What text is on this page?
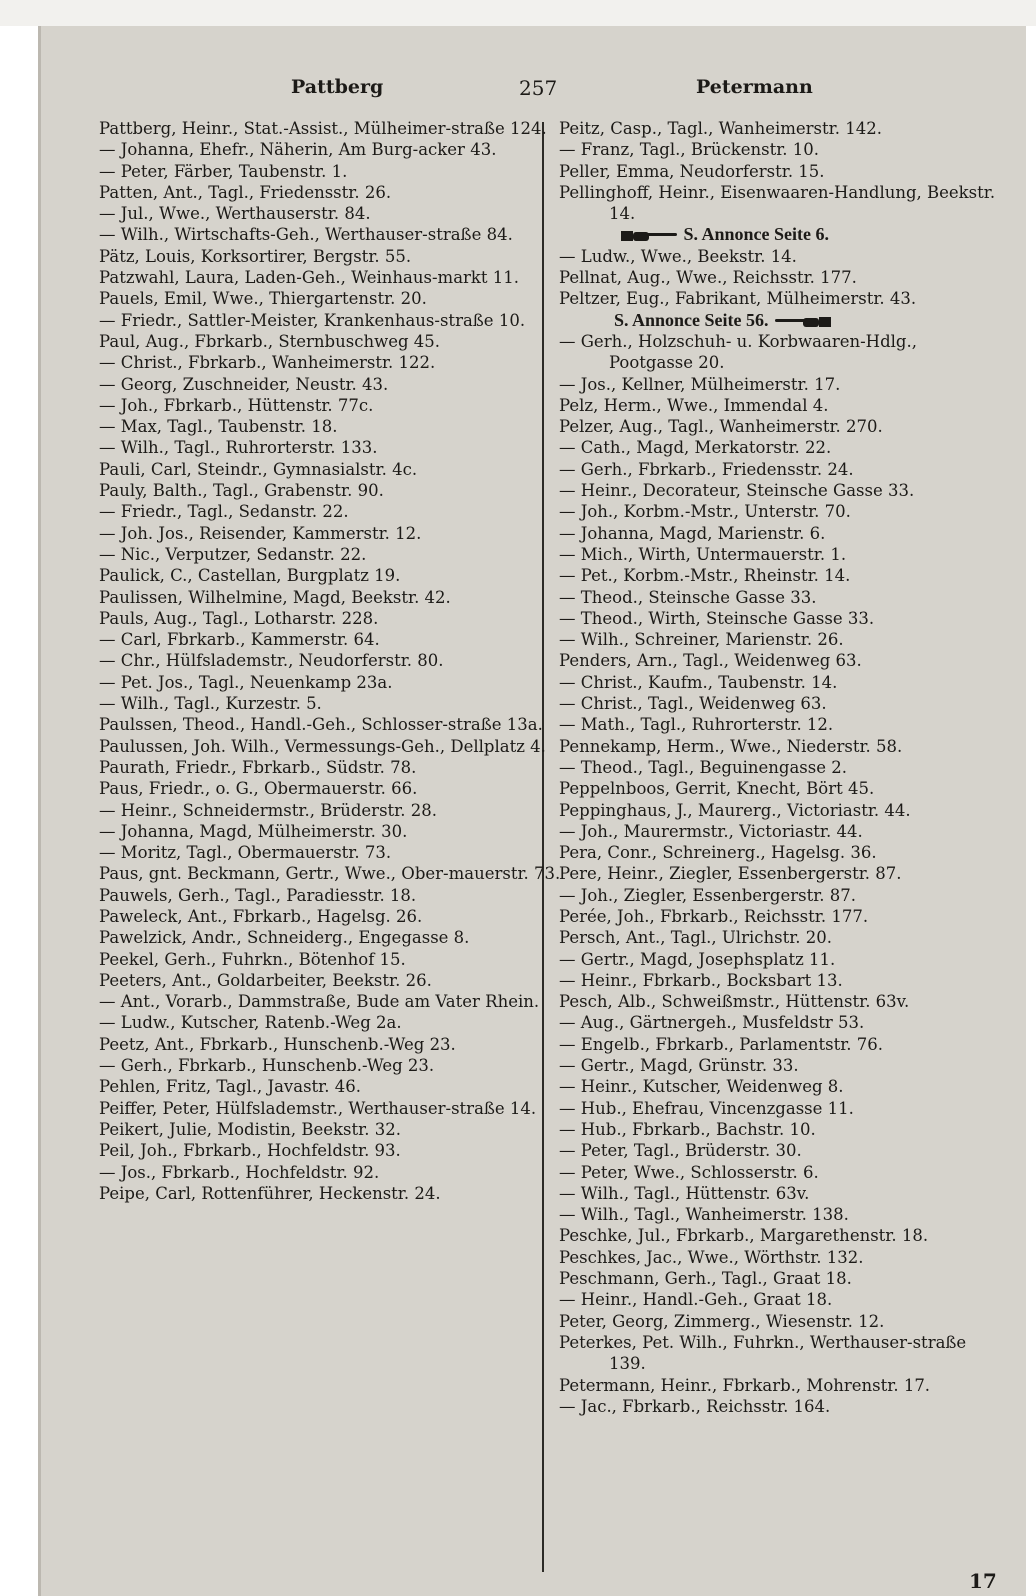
Pattberg	257	Petermann
Pattberg, Heinr., Stat.-Assist., Mülheimer-straße 124.
— Johanna, Ehefr., Näherin, Am Burg-acker 43.
— Peter, Färber, Taubenstr. 1.
Patten, Ant., Tagl., Friedensstr. 26.
— Jul., Wwe., Werthauserstr. 84.
— Wilh., Wirtschafts-Geh., Werthauser-straße 84.
Pätz, Louis, Korksortirer, Bergstr. 55.
Patzwahl, Laura, Laden-Geh., Weinhaus-markt 11.
Pauels, Emil, Wwe., Thiergartenstr. 20.
— Friedr., Sattler-Meister, Krankenhaus-straße 10.
Paul, Aug., Fbrkarb., Sternbuschweg 45.
— Christ., Fbrkarb., Wanheimerstr. 122.
— Georg, Zuschneider, Neustr. 43.
— Joh., Fbrkarb., Hüttenstr. 77c.
— Max, Tagl., Taubenstr. 18.
— Wilh., Tagl., Ruhrorterstr. 133.
Pauli, Carl, Steindr., Gymnasialstr. 4c.
Pauly, Balth., Tagl., Grabenstr. 90.
— Friedr., Tagl., Sedanstr. 22.
— Joh. Jos., Reisender, Kammerstr. 12.
— Nic., Verputzer, Sedanstr. 22.
Paulick, C., Castellan, Burgplatz 19.
Paulissen, Wilhelmine, Magd, Beekstr. 42.
Pauls, Aug., Tagl., Lotharstr. 228.
— Carl, Fbrkarb., Kammerstr. 64.
— Chr., Hülfslademstr., Neudorferstr. 80.
— Pet. Jos., Tagl., Neuenkamp 23a.
— Wilh., Tagl., Kurzestr. 5.
Paulssen, Theod., Handl.-Geh., Schlosser-straße 13a.
Paulussen, Joh. Wilh., Vermessungs-Geh., Dellplatz 4.
Paurath, Friedr., Fbrkarb., Südstr. 78.
Paus, Friedr., o. G., Obermauerstr. 66.
— Heinr., Schneidermstr., Brüderstr. 28.
— Johanna, Magd, Mülheimerstr. 30.
— Moritz, Tagl., Obermauerstr. 73.
Paus, gnt. Beckmann, Gertr., Wwe., Ober-mauerstr. 73.
Pauwels, Gerh., Tagl., Paradiesstr. 18.
Paweleck, Ant., Fbrkarb., Hagelsg. 26.
Pawelzick, Andr., Schneiderg., Engegasse 8.
Peekel, Gerh., Fuhrkn., Bötenhof 15.
Peeters, Ant., Goldarbeiter, Beekstr. 26.
— Ant., Vorarb., Dammstraße, Bude am Vater Rhein.
— Ludw., Kutscher, Ratenb.-Weg 2a.
Peetz, Ant., Fbrkarb., Hunschenb.-Weg 23.
— Gerh., Fbrkarb., Hunschenb.-Weg 23.
Pehlen, Fritz, Tagl., Javastr. 46.
Peiffer, Peter, Hülfslademstr., Werthauser-straße 14.
Peikert, Julie, Modistin, Beekstr. 32.
Peil, Joh., Fbrkarb., Hochfeldstr. 93.
— Jos., Fbrkarb., Hochfeldstr. 92.
Peipe, Carl, Rottenführer, Heckenstr. 24.
Peitz, Casp., Tagl., Wanheimerstr. 142.
— Franz, Tagl., Brückenstr. 10.
Peller, Emma, Neudorferstr. 15.
Pellinghoff, Heinr., Eisenwaaren-Handlung, Beekstr. 14.
S. Annonce Seite 6.
— Ludw., Wwe., Beekstr. 14.
Pellnat, Aug., Wwe., Reichsstr. 177.
Peltzer, Eug., Fabrikant, Mülheimerstr. 43.
S. Annonce Seite 56.
— Gerh., Holzschuh- u. Korbwaaren-Hdlg., Pootgasse 20.
— Jos., Kellner, Mülheimerstr. 17.
Pelz, Herm., Wwe., Immendal 4.
Pelzer, Aug., Tagl., Wanheimerstr. 270.
— Cath., Magd, Merkatorstr. 22.
— Gerh., Fbrkarb., Friedensstr. 24.
— Heinr., Decorateur, Steinsche Gasse 33.
— Joh., Korbm.-Mstr., Unterstr. 70.
— Johanna, Magd, Marienstr. 6.
— Mich., Wirth, Untermauerstr. 1.
— Pet., Korbm.-Mstr., Rheinstr. 14.
— Theod., Steinsche Gasse 33.
— Theod., Wirth, Steinsche Gasse 33.
— Wilh., Schreiner, Marienstr. 26.
Penders, Arn., Tagl., Weidenweg 63.
— Christ., Kaufm., Taubenstr. 14.
— Christ., Tagl., Weidenweg 63.
— Math., Tagl., Ruhrorterstr. 12.
Pennekamp, Herm., Wwe., Niederstr. 58.
— Theod., Tagl., Beguinengasse 2.
Peppelnboos, Gerrit, Knecht, Bört 45.
Peppinghaus, J., Maurerg., Victoriastr. 44.
— Joh., Maurermstr., Victoriastr. 44.
Pera, Conr., Schreinerg., Hagelsg. 36.
Pere, Heinr., Ziegler, Essenbergerstr. 87.
— Joh., Ziegler, Essenbergerstr. 87.
Perée, Joh., Fbrkarb., Reichsstr. 177.
Persch, Ant., Tagl., Ulrichstr. 20.
— Gertr., Magd, Josephsplatz 11.
— Heinr., Fbrkarb., Bocksbart 13.
Pesch, Alb., Schweißmstr., Hüttenstr. 63v.
— Aug., Gärtnergeh., Musfeldstr 53.
— Engelb., Fbrkarb., Parlamentstr. 76.
— Gertr., Magd, Grünstr. 33.
— Heinr., Kutscher, Weidenweg 8.
— Hub., Ehefrau, Vincenzgasse 11.
— Hub., Fbrkarb., Bachstr. 10.
— Peter, Tagl., Brüderstr. 30.
— Peter, Wwe., Schlosserstr. 6.
— Wilh., Tagl., Hüttenstr. 63v.
— Wilh., Tagl., Wanheimerstr. 138.
Peschke, Jul., Fbrkarb., Margarethenstr. 18.
Peschkes, Jac., Wwe., Wörthstr. 132.
Peschmann, Gerh., Tagl., Graat 18.
— Heinr., Handl.-Geh., Graat 18.
Peter, Georg, Zimmerg., Wiesenstr. 12.
Peterkes, Pet. Wilh., Fuhrkn., Werthauser-straße 139.
Petermann, Heinr., Fbrkarb., Mohrenstr. 17.
— Jac., Fbrkarb., Reichsstr. 164.
17
